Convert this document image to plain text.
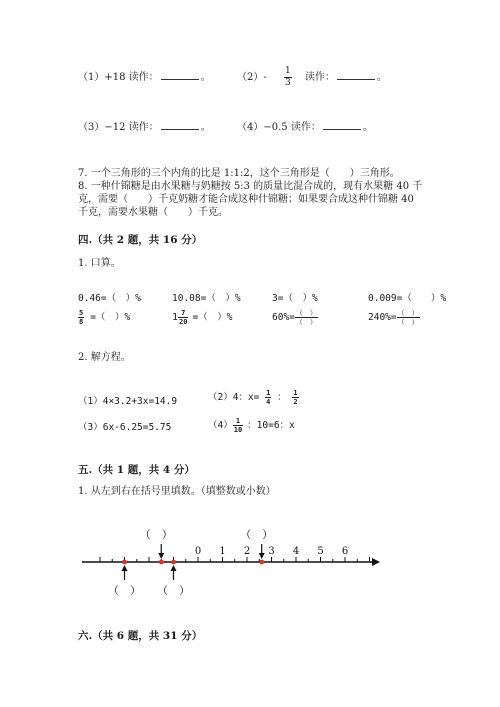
（1）+18 读作：	。	$(2)- \frac{1}{3}$ 读作：	。
（3）−12 读作：	。	（4）−0.5 读作：	。
7. 一个三角形的三个内角的比是 1:1:2，这个三角形是（　　）三角形。
8. 一种什锦糖是由水果糖与奶糖按 5:3 的质量比混合成的，现有水果糖 40 千
克，需要（　　）千克奶糖才能合成这种什锦糖；如果要合成这种什锦糖 40
千克，需要水果糖（　　）千克。
四.（共 2 题，共 16 分）
1. 口算。
0.46=（　）%	10.08=（　）%	3=（　）%	0.009=（　　）%
$\frac{5}{8}$ =（　）%	$1 \frac{7}{20}$ =（　）%	$60\%= \frac{( )}{( )}$	$240\%= \frac{( )}{( )}$
2. 解方程。
（1）4×3.2+3x=14.9	（2）4：$x= \frac{1}{4}$ ： $\frac{1}{2}$
（3）6x-6.25=5.75	$(4) \frac{1}{10}$ ：10=6：x
五.（共 1 题，共 4 分）
1. 从左到右在括号里填数。（填整数或小数）
0 1 2 3 4 5 6
（　）	（　）
（　） （　）
六.（共 6 题，共 31 分）
